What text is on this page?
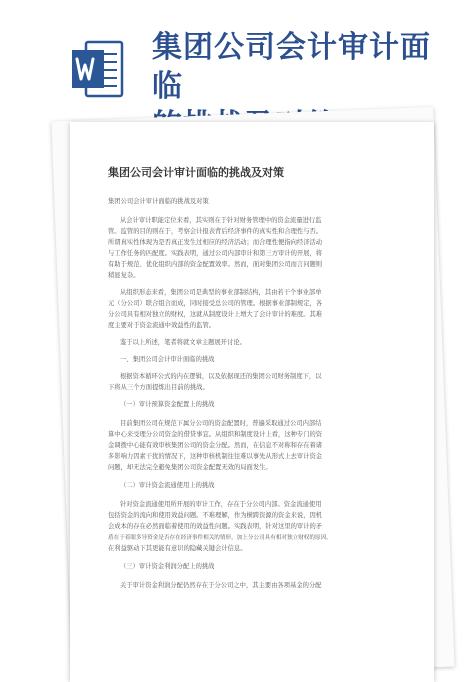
集团公司会计审计面临
集团公司会计审计面临的挑战及对策
集团公司会计审计面临的挑战及对策
从会计审计职能定位来看，其实则在于针对财务管理中的资金流量进行监
管。监管的目的则在于，考察会计报表背后经济事件的真实性和合理性与否。
所谓真实性体现为是否真正发生过相应的经济活动；而合理性便指向经济活动
与工作任务的匹配度。实践表明，通过公司内部审计和第三方审计的开展，将
有助于规范、优化组织内部的资金配置效率。然而，面对集团公司而言问题则
稍显复杂。
从组织形态来看，集团公司是典型的事业部制结构，其由若干个事业部单
元（分公司）联合组合而成，同时接受总公司的管理。根据事业部制规定，各
分公司具有相对独立的财权，这就从制度设计上增大了会计审计的难度。其难
度主要对于资金流通中效益性的监管。
鉴于以上所述，笔者将就文章主题展开讨论。
一、集团公司会计审计面临的挑战
根据资本循环公式的内在逻辑，以及依据现还的集团公司财务制度下，以
下将从三个方面提炼出目前的挑战。
（一）审计预算资金配置上的挑战
目前集团公司在规范下属分公司的资金配置时，普遍采取通过公司内部结
算中心来受理分公司资金的借贷事宜。从组织和制度设计上看，这种专门的资
金调拨中心能有效审核集团公司的资金分配。然而，在信息不对称和存在着诸
多影响力因素干扰的情况下，这种审核机制往往难以事先从形式上去审计资金
问题，却无法完全避免集团公司资金配置无效的局面发生。
（二）审计资金流通使用上的挑战
针对资金流通使用所开展的审计工作，存在于分公司内部。资金流通使用
包括资金的流向和使用效益问题。不难理解，作为横跨资源的资金来说，因机
会成本的存在必然面临着使用的效益性问题。实践表明，针对这里的审计的矛
盾在于着眼多导资金是否存在经济事件相关的情形，加上分公司具有相对独立财权的原因，
在利益驱动下其更能有意识的隐藏关键会计信息。
（三）审计资金利润分配上的挑战
关于审计资金利润分配仍然存在于分公司之中，其主要由各项基金的分配
